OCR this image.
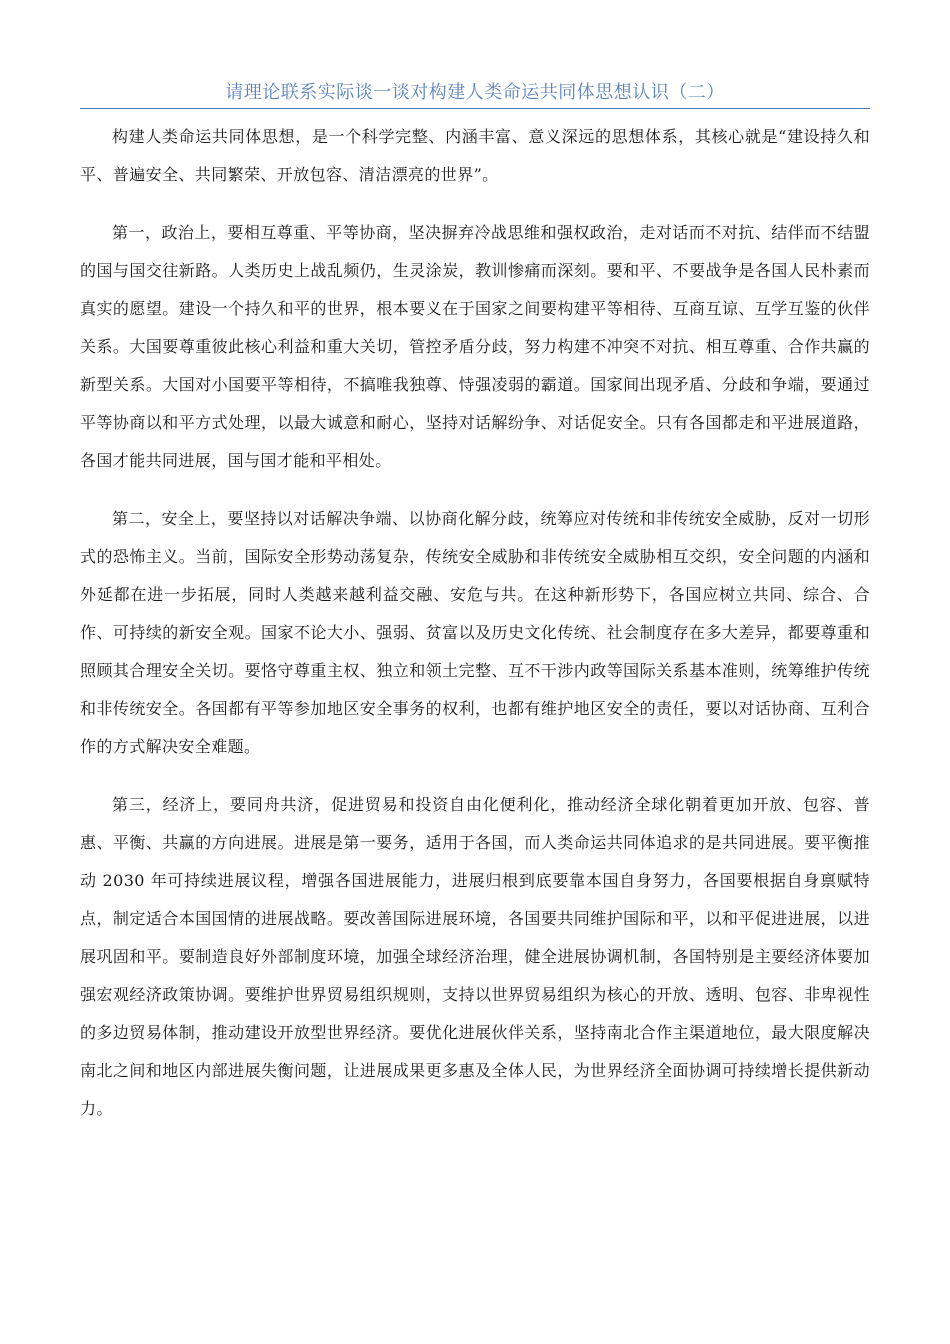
请理论联系实际谈一谈对构建人类命运共同体思想认识（二）

构建人类命运共同体思想，是一个科学完整、内涵丰富、意义深远的思想体系，其核心就是“建设持久和平、普遍安全、共同繁荣、开放包容、清洁漂亮的世界”。

第一，政治上，要相互尊重、平等协商，坚决摒弃冷战思维和强权政治，走对话而不对抗、结伴而不结盟的国与国交往新路。人类历史上战乱频仍，生灵涂炭，教训惨痛而深刻。要和平、不要战争是各国人民朴素而真实的愿望。建设一个持久和平的世界，根本要义在于国家之间要构建平等相待、互商互谅、互学互鉴的伙伴关系。大国要尊重彼此核心利益和重大关切，管控矛盾分歧，努力构建不冲突不对抗、相互尊重、合作共赢的新型关系。大国对小国要平等相待，不搞唯我独尊、恃强凌弱的霸道。国家间出现矛盾、分歧和争端，要通过平等协商以和平方式处理，以最大诚意和耐心，坚持对话解纷争、对话促安全。只有各国都走和平进展道路，各国才能共同进展，国与国才能和平相处。

第二，安全上，要坚持以对话解决争端、以协商化解分歧，统筹应对传统和非传统安全威胁，反对一切形式的恐怖主义。当前，国际安全形势动荡复杂，传统安全威胁和非传统安全威胁相互交织，安全问题的内涵和外延都在进一步拓展，同时人类越来越利益交融、安危与共。在这种新形势下，各国应树立共同、综合、合作、可持续的新安全观。国家不论大小、强弱、贫富以及历史文化传统、社会制度存在多大差异，都要尊重和照顾其合理安全关切。要恪守尊重主权、独立和领土完整、互不干涉内政等国际关系基本准则，统筹维护传统和非传统安全。各国都有平等参加地区安全事务的权利，也都有维护地区安全的责任，要以对话协商、互利合作的方式解决安全难题。

第三，经济上，要同舟共济，促进贸易和投资自由化便利化，推动经济全球化朝着更加开放、包容、普惠、平衡、共赢的方向进展。进展是第一要务，适用于各国，而人类命运共同体追求的是共同进展。要平衡推动 2030 年可持续进展议程，增强各国进展能力，进展归根到底要靠本国自身努力，各国要根据自身禀赋特点，制定适合本国国情的进展战略。要改善国际进展环境，各国要共同维护国际和平，以和平促进进展，以进展巩固和平。要制造良好外部制度环境，加强全球经济治理，健全进展协调机制，各国特别是主要经济体要加强宏观经济政策协调。要维护世界贸易组织规则，支持以世界贸易组织为核心的开放、透明、包容、非卑视性的多边贸易体制，推动建设开放型世界经济。要优化进展伙伴关系，坚持南北合作主渠道地位，最大限度解决南北之间和地区内部进展失衡问题，让进展成果更多惠及全体人民，为世界经济全面协调可持续增长提供新动力。
